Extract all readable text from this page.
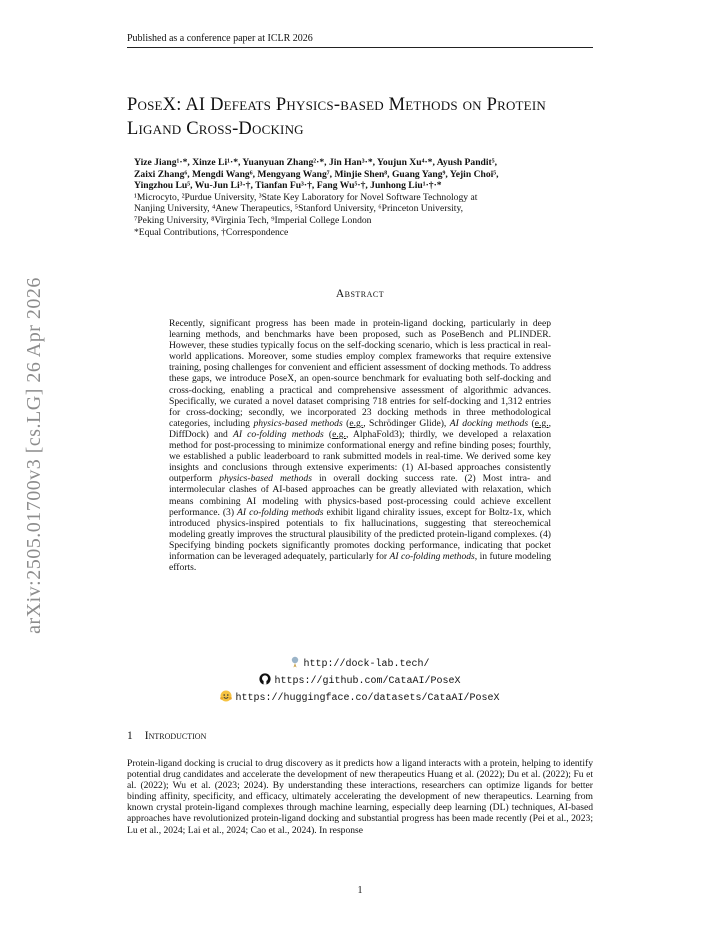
Published as a conference paper at ICLR 2026
arXiv:2505.01700v3 [cs.LG] 26 Apr 2026
PoseX: AI Defeats Physics-based Methods on Protein
Ligand Cross-Docking
Yize Jiang¹·*, Xinze Li¹·*, Yuanyuan Zhang²·*, Jin Han³·*, Youjun Xu⁴·*, Ayush Pandit⁵,
Zaixi Zhang⁶, Mengdi Wang⁶, Mengyang Wang⁷, Minjie Shen⁸, Guang Yang⁹, Yejin Choi⁵,
Yingzhou Lu⁵, Wu-Jun Li³·†, Tianfan Fu³·†, Fang Wu⁵·†, Junhong Liu¹·†·*
¹Microcyto, ²Purdue University, ³State Key Laboratory for Novel Software Technology at
Nanjing University, ⁴Anew Therapeutics, ⁵Stanford University, ⁶Princeton University,
⁷Peking University, ⁸Virginia Tech, ⁹Imperial College London
*Equal Contributions, †Correspondence
Abstract
Recently, significant progress has been made in protein-ligand docking, particularly in deep learning methods, and benchmarks have been proposed, such as PoseBench and PLINDER. However, these studies typically focus on the self-docking scenario, which is less practical in real-world applications. Moreover, some studies employ complex frameworks that require extensive training, posing challenges for convenient and efficient assessment of docking methods. To address these gaps, we introduce PoseX, an open-source benchmark for evaluating both self-docking and cross-docking, enabling a practical and comprehensive assessment of algorithmic advances. Specifically, we curated a novel dataset comprising 718 entries for self-docking and 1,312 entries for cross-docking; secondly, we incorporated 23 docking methods in three methodological categories, including physics-based methods (e.g., Schrödinger Glide), AI docking methods (e.g., DiffDock) and AI co-folding methods (e.g., AlphaFold3); thirdly, we developed a relaxation method for post-processing to minimize conformational energy and refine binding poses; fourthly, we established a public leaderboard to rank submitted models in real-time. We derived some key insights and conclusions through extensive experiments: (1) AI-based approaches consistently outperform physics-based methods in overall docking success rate. (2) Most intra- and intermolecular clashes of AI-based approaches can be greatly alleviated with relaxation, which means combining AI modeling with physics-based post-processing could achieve excellent performance. (3) AI co-folding methods exhibit ligand chirality issues, except for Boltz-1x, which introduced physics-inspired potentials to fix hallucinations, suggesting that stereochemical modeling greatly improves the structural plausibility of the predicted protein-ligand complexes. (4) Specifying binding pockets significantly promotes docking performance, indicating that pocket information can be leveraged adequately, particularly for AI co-folding methods, in future modeling efforts.
http://dock-lab.tech/
https://github.com/CataAI/PoseX
https://huggingface.co/datasets/CataAI/PoseX
1 Introduction
Protein-ligand docking is crucial to drug discovery as it predicts how a ligand interacts with a protein, helping to identify potential drug candidates and accelerate the development of new therapeutics Huang et al. (2022); Du et al. (2022); Fu et al. (2022); Wu et al. (2023; 2024). By understanding these interactions, researchers can optimize ligands for better binding affinity, specificity, and efficacy, ultimately accelerating the development of new therapeutics. Learning from known crystal protein-ligand complexes through machine learning, especially deep learning (DL) techniques, AI-based approaches have revolutionized protein-ligand docking and substantial progress has been made recently (Pei et al., 2023; Lu et al., 2024; Lai et al., 2024; Cao et al., 2024). In response
1
